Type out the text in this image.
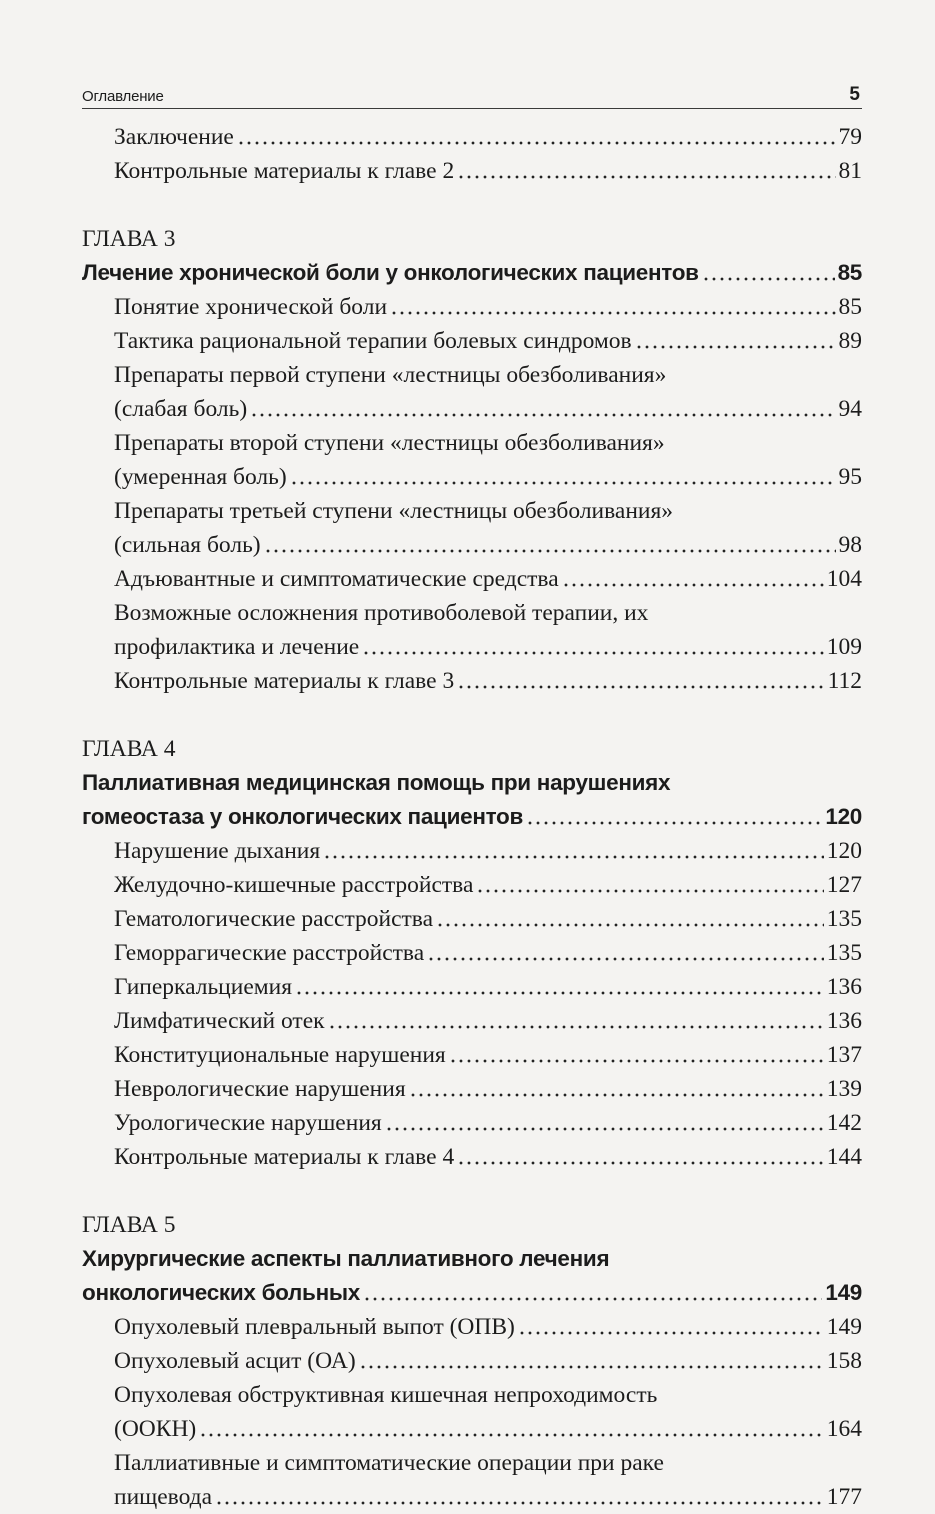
Оглавление	5
Заключение	79
Контрольные материалы к главе 2	81
ГЛАВА 3
Лечение хронической боли у онкологических пациентов	85
Понятие хронической боли	85
Тактика рациональной терапии болевых синдромов	89
Препараты первой ступени «лестницы обезболивания»
(слабая боль)	94
Препараты второй ступени «лестницы обезболивания»
(умеренная боль)	95
Препараты третьей ступени «лестницы обезболивания»
(сильная боль)	98
Адъювантные и симптоматические средства	104
Возможные осложнения противоболевой терапии, их
профилактика и лечение	109
Контрольные материалы к главе 3	112
ГЛАВА 4
Паллиативная медицинская помощь при нарушениях
гомеостаза у онкологических пациентов	120
Нарушение дыхания	120
Желудочно-кишечные расстройства	127
Гематологические расстройства	135
Геморрагические расстройства	135
Гиперкальциемия	136
Лимфатический отек	136
Конституциональные нарушения	137
Неврологические нарушения	139
Урологические нарушения	142
Контрольные материалы к главе 4	144
ГЛАВА 5
Хирургические аспекты паллиативного лечения
онкологических больных	149
Опухолевый плевральный выпот (ОПВ)	149
Опухолевый асцит (ОА)	158
Опухолевая обструктивная кишечная непроходимость
(ООКН)	164
Паллиативные и симптоматические операции при раке
пищевода	177
